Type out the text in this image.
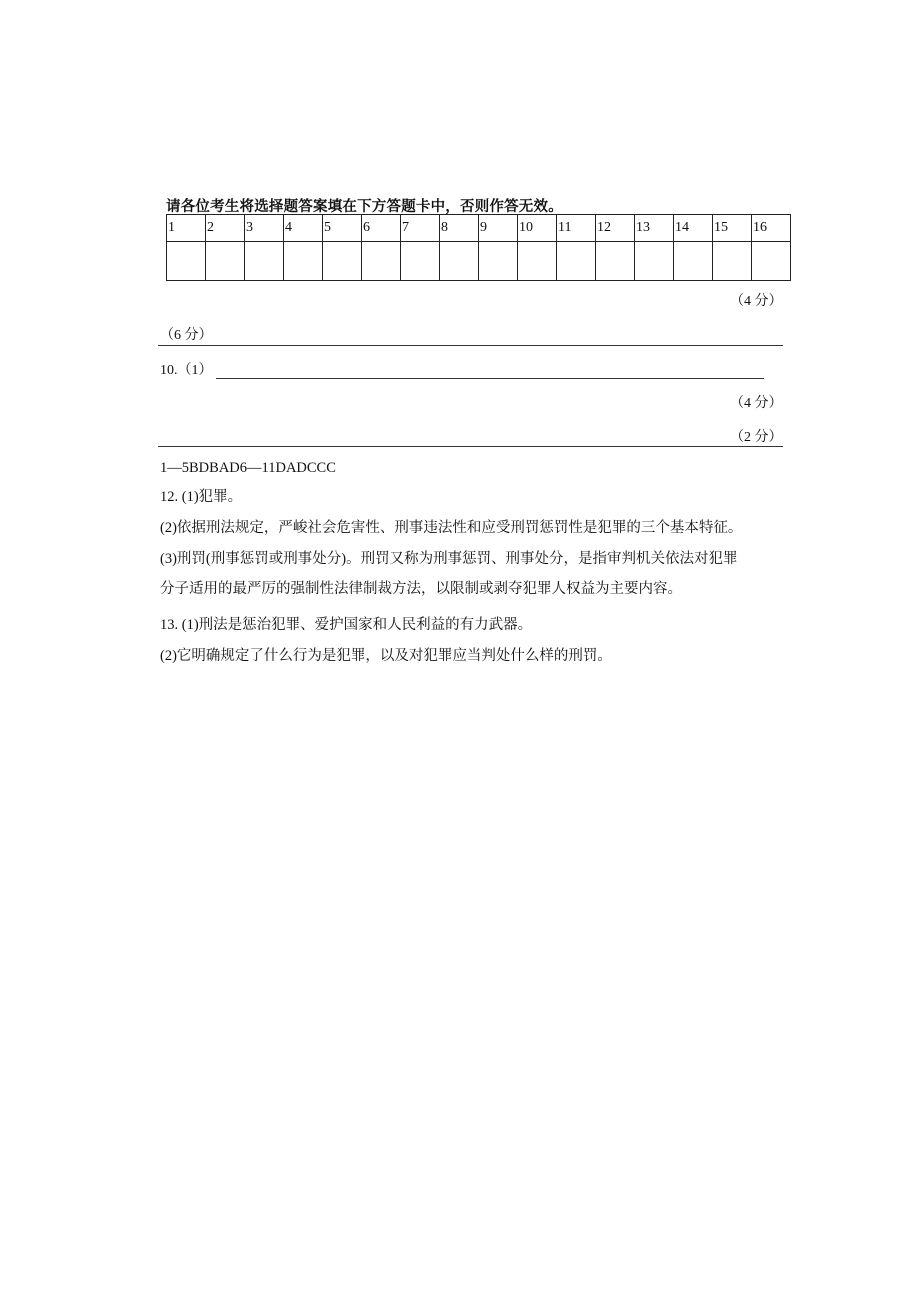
请各位考生将选择题答案填在下方答题卡中，否则作答无效。
1	2	3	4	5	6	7	8	9	10	11	12	13	14	15	16

（4 分）
（6 分）
10.（1）
（4 分）
（2 分）
1—5BDBAD6—11DADCCC
12. (1)犯罪。
(2)依据刑法规定，严峻社会危害性、刑事违法性和应受刑罚惩罚性是犯罪的三个基本特征。
(3)刑罚(刑事惩罚或刑事处分)。刑罚又称为刑事惩罚、刑事处分，是指审判机关依法对犯罪
分子适用的最严厉的强制性法律制裁方法，以限制或剥夺犯罪人权益为主要内容。
13. (1)刑法是惩治犯罪、爱护国家和人民利益的有力武器。
(2)它明确规定了什么行为是犯罪，以及对犯罪应当判处什么样的刑罚。
